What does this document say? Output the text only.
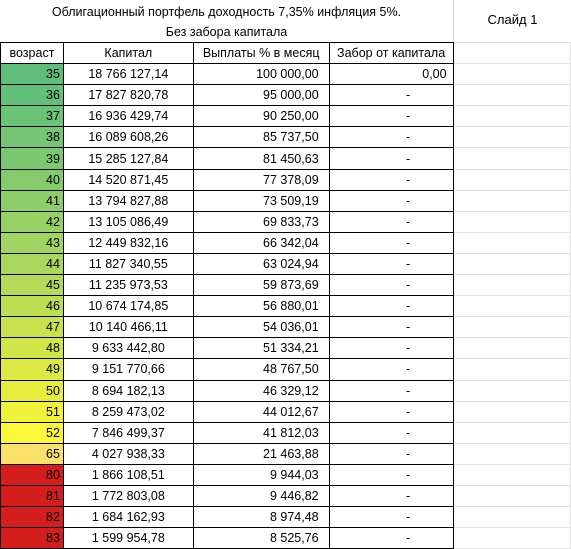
Облигационный портфель доходность 7,35% инфляция 5%.
Без забора капитала
Слайд 1
возраст	Капитал	Выплаты % в месяц	Забор от капитала	
35	18 766 127,14	100 000,00	0,00	
36	17 827 820,78	95 000,00	-	
37	16 936 429,74	90 250,00	-	
38	16 089 608,26	85 737,50	-	
39	15 285 127,84	81 450,63	-	
40	14 520 871,45	77 378,09	-	
41	13 794 827,88	73 509,19	-	
42	13 105 086,49	69 833,73	-	
43	12 449 832,16	66 342,04	-	
44	11 827 340,55	63 024,94	-	
45	11 235 973,53	59 873,69	-	
46	10 674 174,85	56 880,01	-	
47	10 140 466,11	54 036,01	-	
48	9 633 442,80	51 334,21	-	
49	9 151 770,66	48 767,50	-	
50	8 694 182,13	46 329,12	-	
51	8 259 473,02	44 012,67	-	
52	7 846 499,37	41 812,03	-	
65	4 027 938,33	21 463,88	-	
80	1 866 108,51	9 944,03	-	
81	1 772 803,08	9 446,82	-	
82	1 684 162,93	8 974,48	-	
83	1 599 954,78	8 525,76	-	
